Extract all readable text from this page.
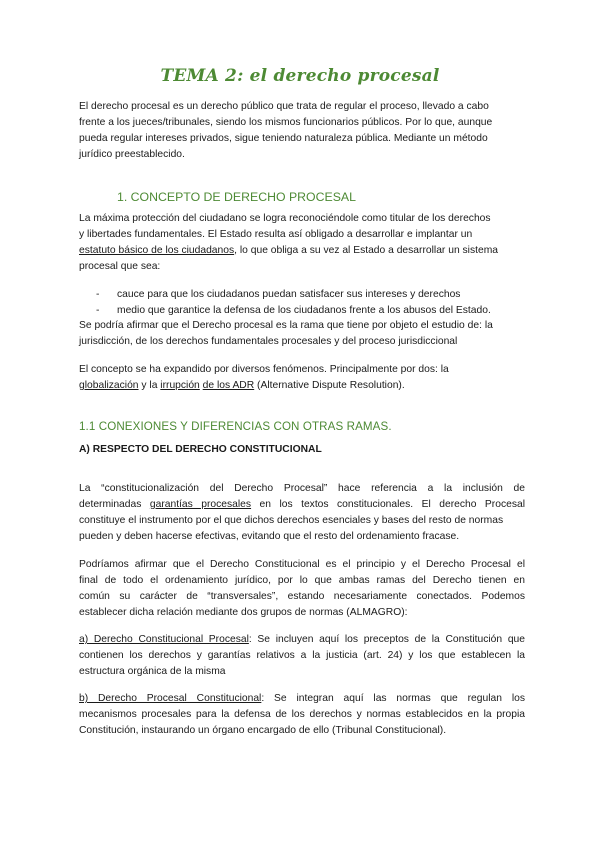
TEMA 2: el derecho procesal
El derecho procesal es un derecho público que trata de regular el proceso, llevado a cabo
frente a los jueces/tribunales, siendo los mismos funcionarios públicos. Por lo que, aunque
pueda regular intereses privados, sigue teniendo naturaleza pública. Mediante un método
jurídico preestablecido.
1. CONCEPTO DE DERECHO PROCESAL
La máxima protección del ciudadano se logra reconociéndole como titular de los derechos
y libertades fundamentales. El Estado resulta así obligado a desarrollar e implantar un
estatuto básico de los ciudadanos, lo que obliga a su vez al Estado a desarrollar un sistema
procesal que sea:
- cauce para que los ciudadanos puedan satisfacer sus intereses y derechos
- medio que garantice la defensa de los ciudadanos frente a los abusos del Estado.
Se podría afirmar que el Derecho procesal es la rama que tiene por objeto el estudio de: la
jurisdicción, de los derechos fundamentales procesales y del proceso jurisdiccional
El concepto se ha expandido por diversos fenómenos. Principalmente por dos: la
globalización y la irrupción de los ADR (Alternative Dispute Resolution).
1.1 CONEXIONES Y DIFERENCIAS CON OTRAS RAMAS.
A) RESPECTO DEL DERECHO CONSTITUCIONAL
La “constitucionalización del Derecho Procesal” hace referencia a la inclusión de
determinadas garantías procesales en los textos constitucionales. El derecho Procesal
constituye el instrumento por el que dichos derechos esenciales y bases del resto de normas
pueden y deben hacerse efectivas, evitando que el resto del ordenamiento fracase.
Podríamos afirmar que el Derecho Constitucional es el principio y el Derecho Procesal el
final de todo el ordenamiento jurídico, por lo que ambas ramas del Derecho tienen en
común su carácter de “transversales”, estando necesariamente conectados. Podemos
establecer dicha relación mediante dos grupos de normas (ALMAGRO):
a) Derecho Constitucional Procesal: Se incluyen aquí los preceptos de la Constitución que
contienen los derechos y garantías relativos a la justicia (art. 24) y los que establecen la
estructura orgánica de la misma
b) Derecho Procesal Constitucional: Se integran aquí las normas que regulan los
mecanismos procesales para la defensa de los derechos y normas establecidos en la propia
Constitución, instaurando un órgano encargado de ello (Tribunal Constitucional).
